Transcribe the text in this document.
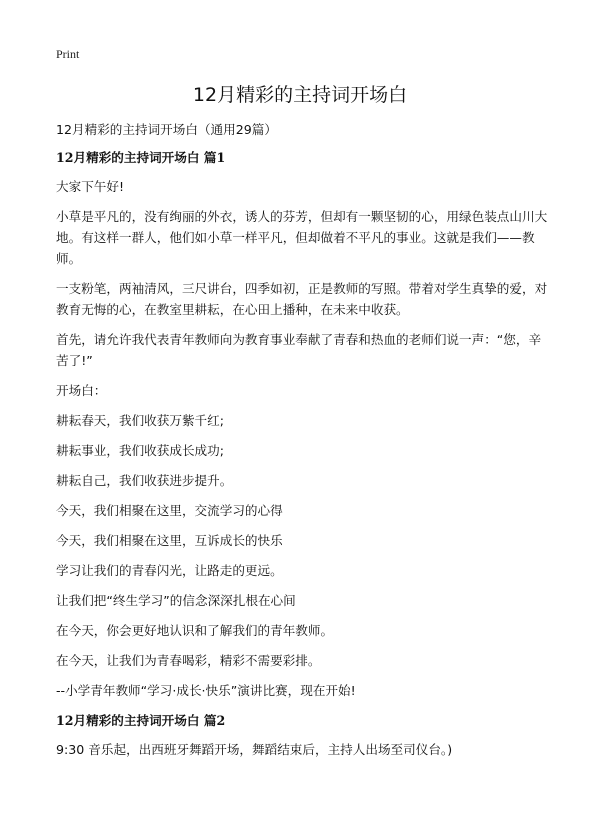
Print
12月精彩的主持词开场白

12月精彩的主持词开场白（通用29篇）

12月精彩的主持词开场白 篇1

大家下午好!

小草是平凡的，没有绚丽的外衣，诱人的芬芳，但却有一颗坚韧的心，用绿色装点山川大地。有这样一群人，他们如小草一样平凡，但却做着不平凡的事业。这就是我们——教师。

一支粉笔，两袖清风，三尺讲台，四季如初，正是教师的写照。带着对学生真挚的爱，对教育无悔的心，在教室里耕耘，在心田上播种，在未来中收获。

首先，请允许我代表青年教师向为教育事业奉献了青春和热血的老师们说一声：“您，辛苦了!”

开场白：

耕耘春天，我们收获万紫千红;

耕耘事业，我们收获成长成功;

耕耘自己，我们收获进步提升。

今天，我们相聚在这里，交流学习的心得

今天，我们相聚在这里，互诉成长的快乐

学习让我们的青春闪光，让路走的更远。

让我们把“终生学习”的信念深深扎根在心间

在今天，你会更好地认识和了解我们的青年教师。

在今天，让我们为青春喝彩，精彩不需要彩排。

--小学青年教师“学习·成长·快乐”演讲比赛，现在开始!

12月精彩的主持词开场白 篇2

9:30 音乐起，出西班牙舞蹈开场，舞蹈结束后，主持人出场至司仪台。)
